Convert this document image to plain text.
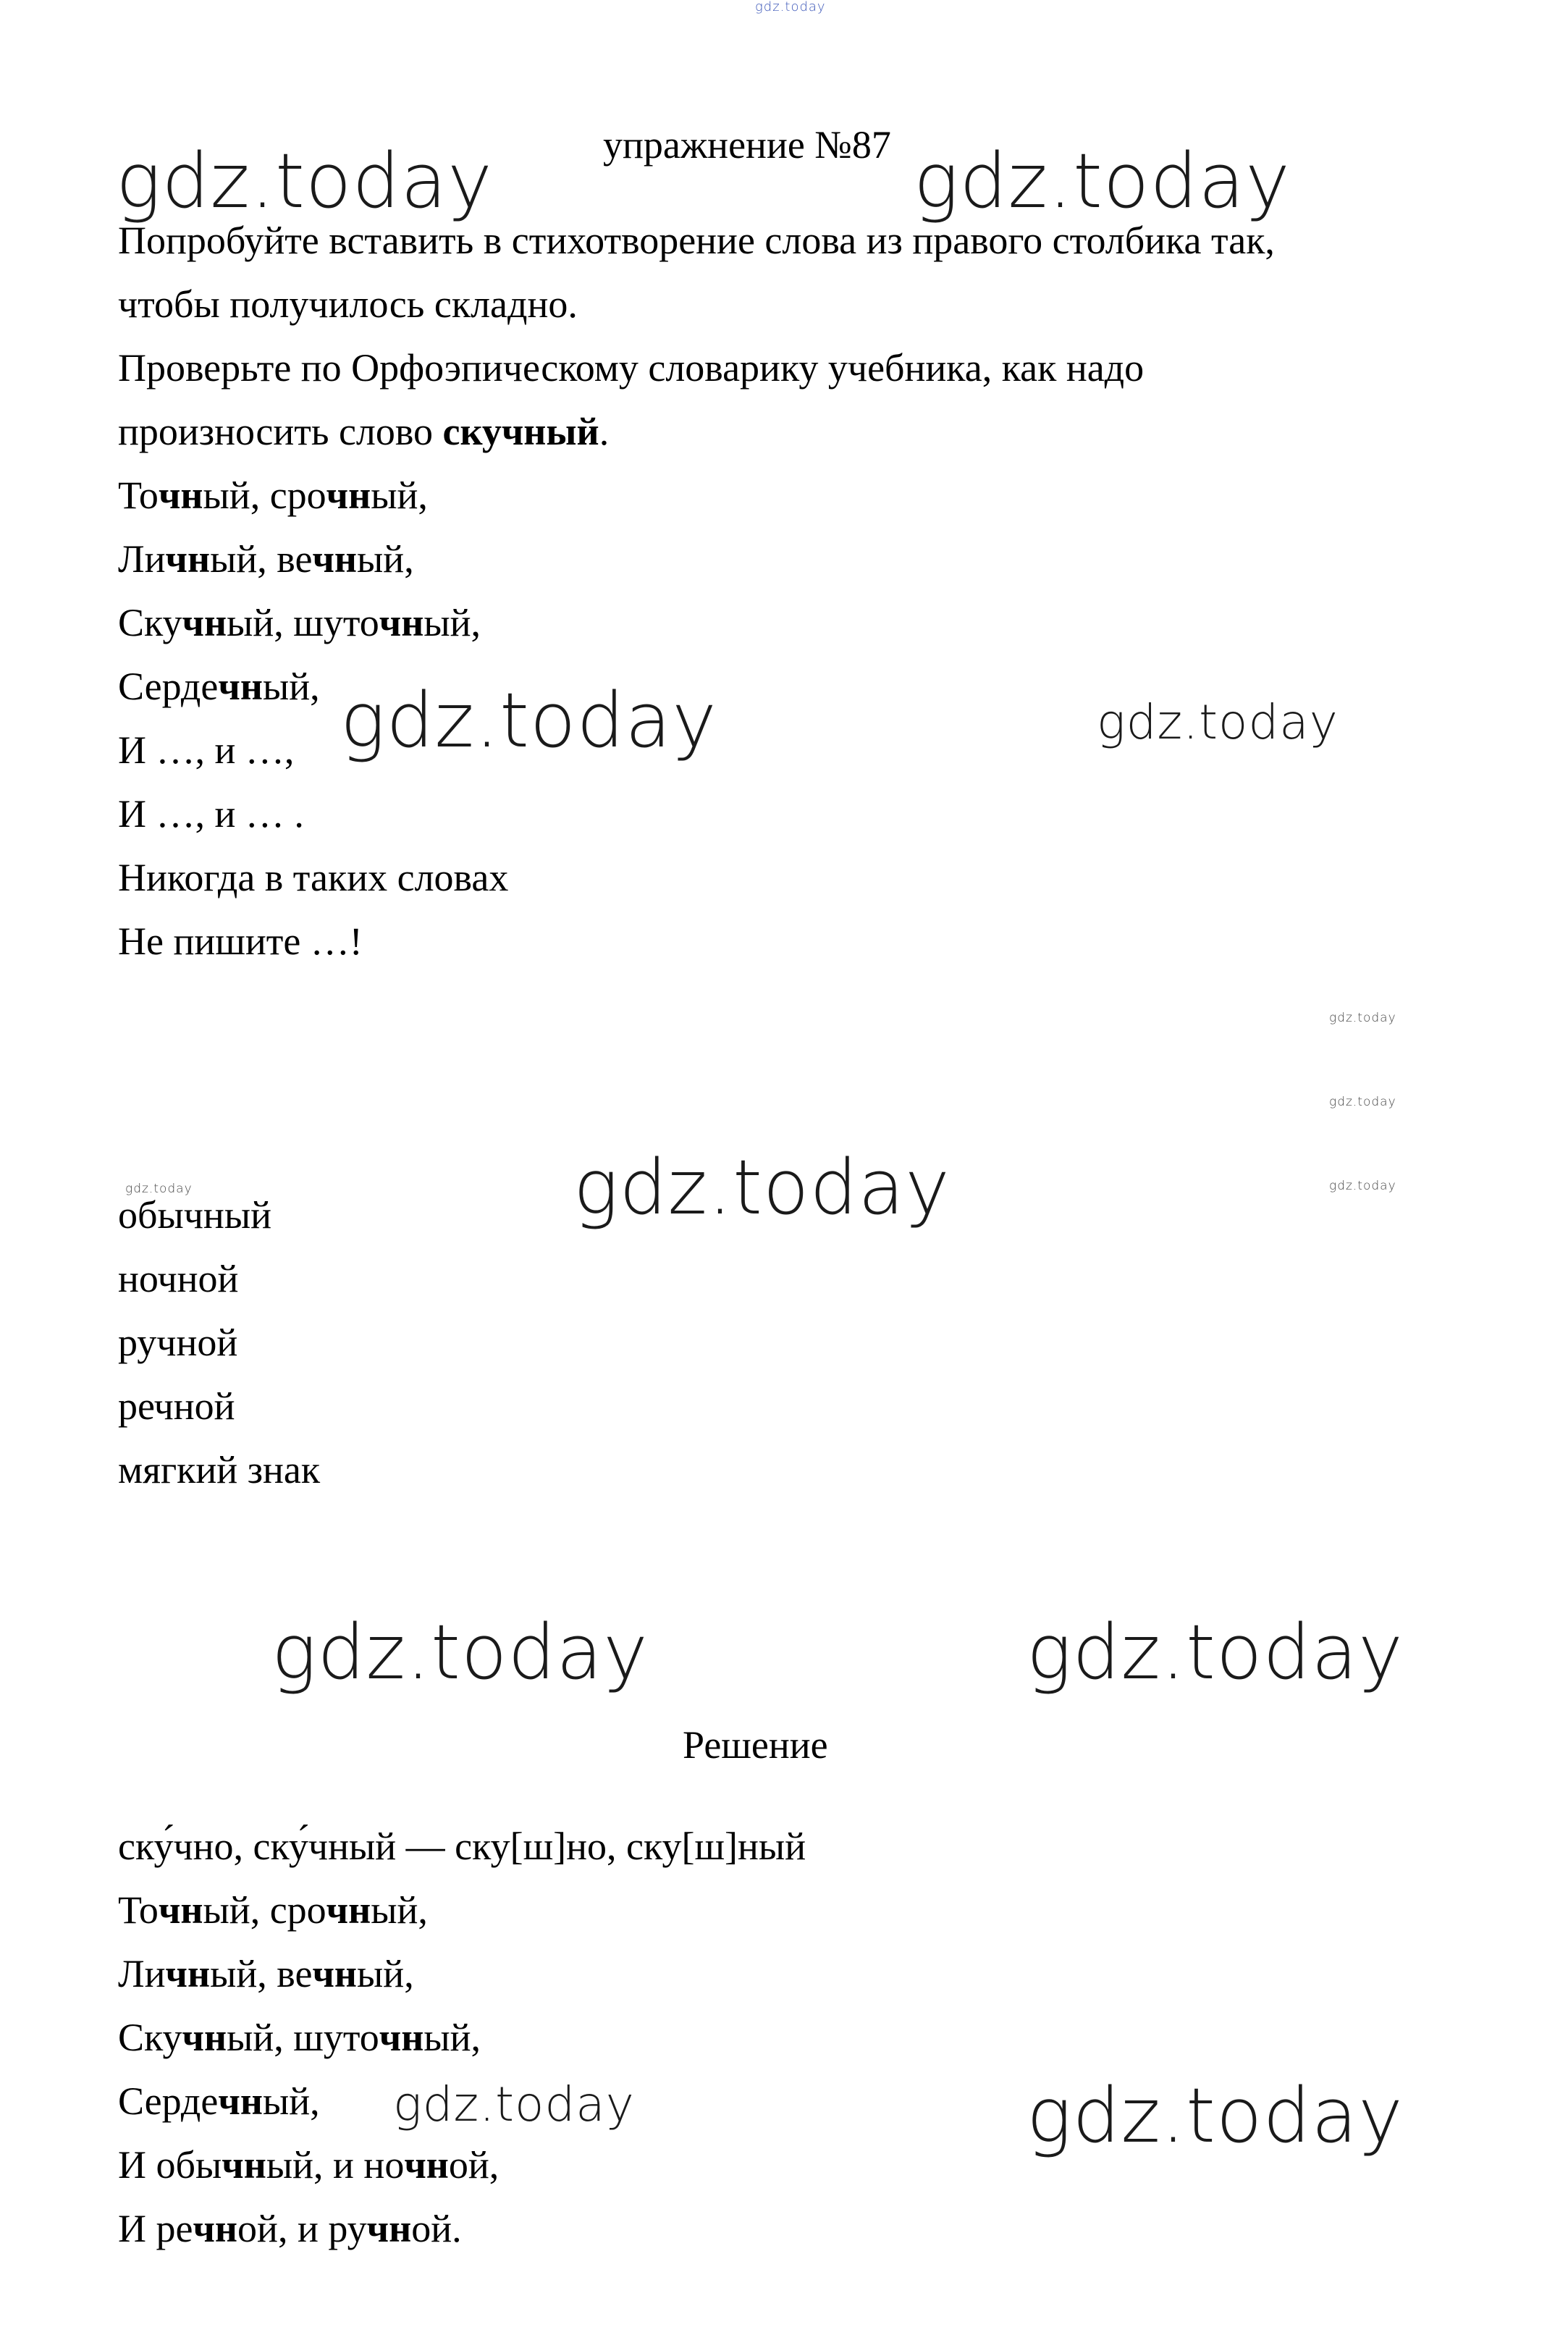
gdz.today
gdz.today	gdz.today
gdz.today	gdz.today
gdz.today
gdz.today
gdz.today
gdz.today	gdz.today
gdz.today	gdz.today
gdz.today	gdz.today
упражнение №87
Попробуйте вставить в стихотворение слова из правого столбика так,
чтобы получилось складно.
Проверьте по Орфоэпическому словарику учебника, как надо
произносить слово скучный.
Точный, срочный,
Личный, вечный,
Скучный, шуточный,
Сердечный,
И …, и …,
И …, и … .
Никогда в таких словах
Не пишите …!
обычный
ночной
ручной
речной
мягкий знак
Решение
ску́чно, ску́чный — ску[ш]но, ску[ш]ный
Точный, срочный,
Личный, вечный,
Скучный, шуточный,
Сердечный,
И обычный, и ночной,
И речной, и ручной.
